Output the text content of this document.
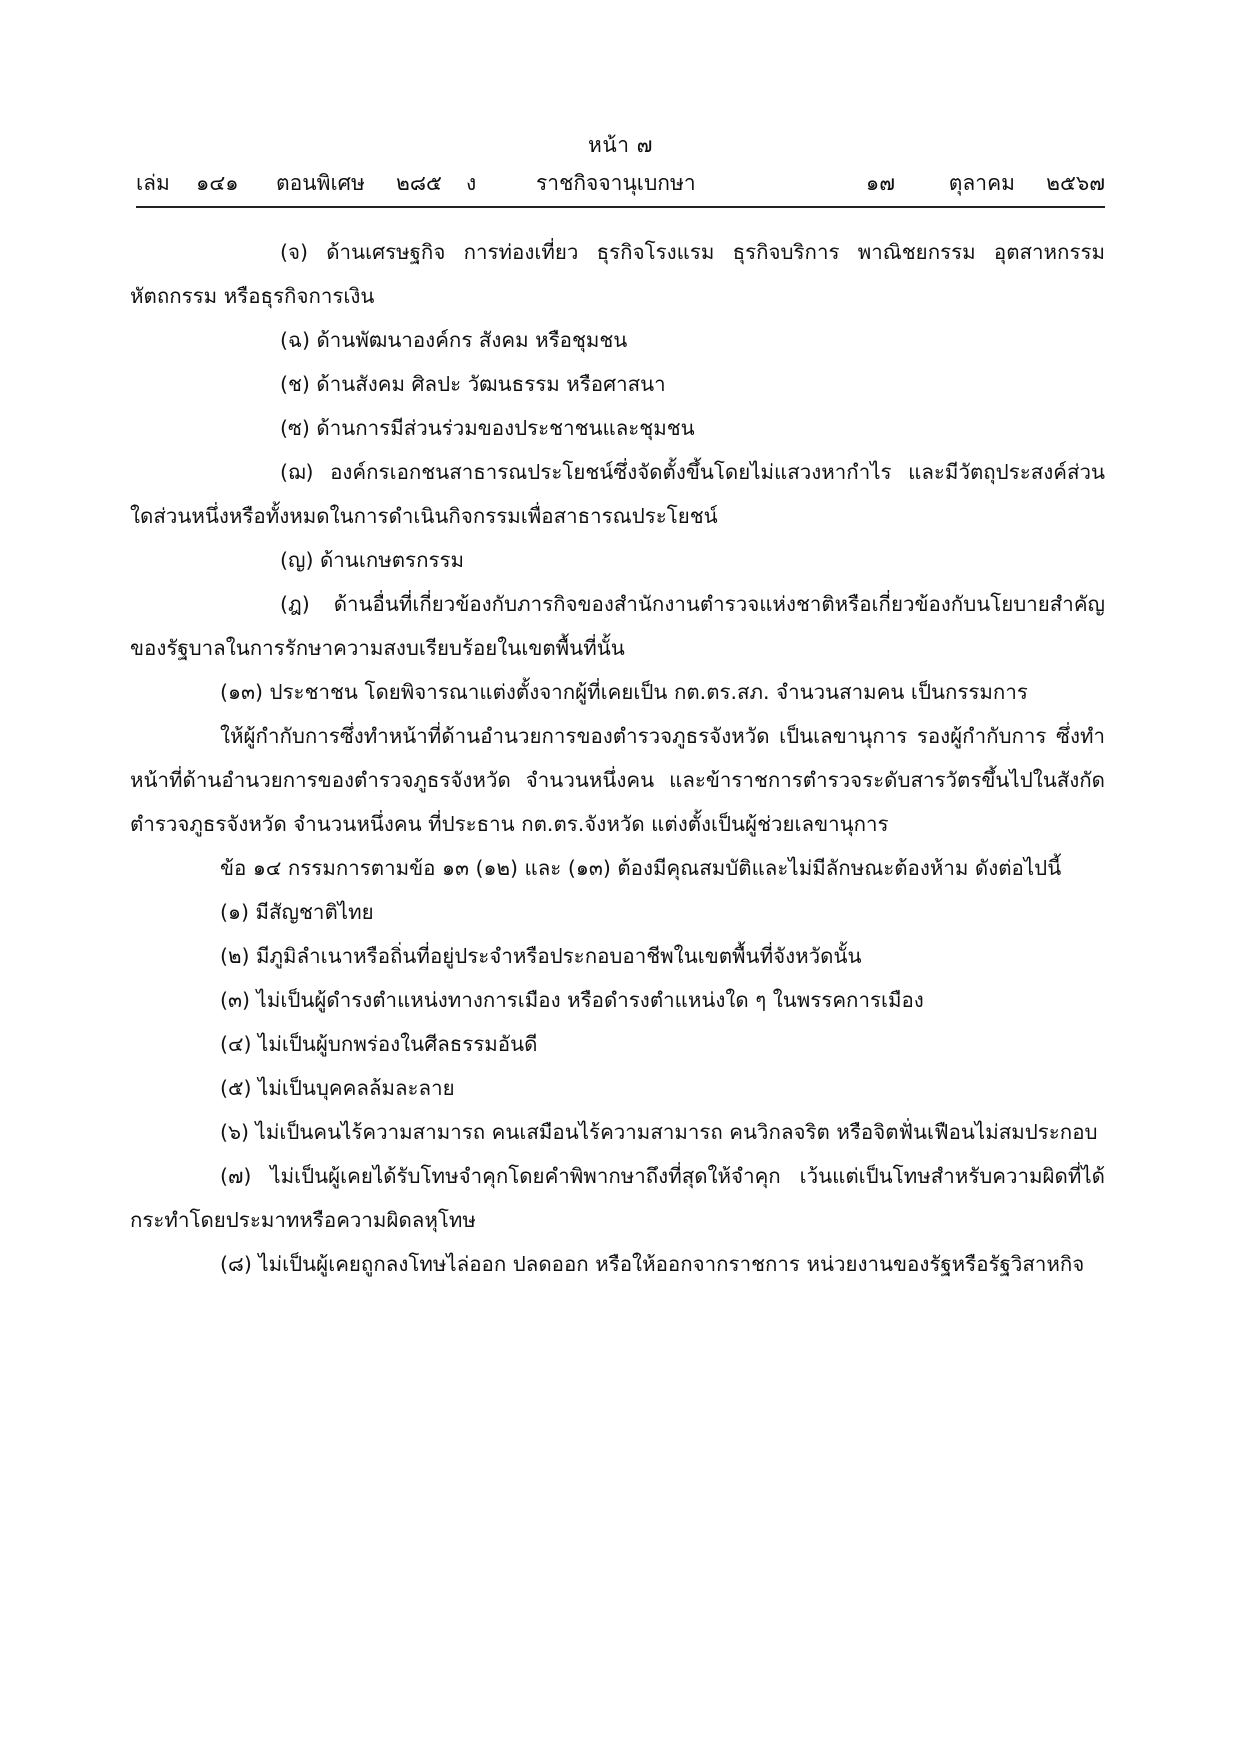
หน้า ๗
เล่ม ๑๔๑ ตอนพิเศษ ๒๘๕ ง	ราชกิจจานุเบกษา	๑๗	ตุลาคม ๒๕๖๗

(จ) ด้านเศรษฐกิจ การท่องเที่ยว ธุรกิจโรงแรม ธุรกิจบริการ พาณิชยกรรม อุตสาหกรรม หัตถกรรม หรือธุรกิจการเงิน

(ฉ) ด้านพัฒนาองค์กร สังคม หรือชุมชน

(ช) ด้านสังคม ศิลปะ วัฒนธรรม หรือศาสนา

(ซ) ด้านการมีส่วนร่วมของประชาชนและชุมชน

(ฌ) องค์กรเอกชนสาธารณประโยชน์ซึ่งจัดตั้งขึ้นโดยไม่แสวงหากำไร และมีวัตถุประสงค์ส่วนใดส่วนหนึ่งหรือทั้งหมดในการดำเนินกิจกรรมเพื่อสาธารณประโยชน์

(ญ) ด้านเกษตรกรรม

(ฎ) ด้านอื่นที่เกี่ยวข้องกับภารกิจของสำนักงานตำรวจแห่งชาติหรือเกี่ยวข้องกับนโยบายสำคัญของรัฐบาลในการรักษาความสงบเรียบร้อยในเขตพื้นที่นั้น

(๑๓) ประชาชน โดยพิจารณาแต่งตั้งจากผู้ที่เคยเป็น กต.ตร.สภ. จำนวนสามคน เป็นกรรมการ

ให้ผู้กำกับการซึ่งทำหน้าที่ด้านอำนวยการของตำรวจภูธรจังหวัด เป็นเลขานุการ รองผู้กำกับการ ซึ่งทำหน้าที่ด้านอำนวยการของตำรวจภูธรจังหวัด จำนวนหนึ่งคน และข้าราชการตำรวจระดับสารวัตรขึ้นไปในสังกัดตำรวจภูธรจังหวัด จำนวนหนึ่งคน ที่ประธาน กต.ตร.จังหวัด แต่งตั้งเป็นผู้ช่วยเลขานุการ

ข้อ ๑๔ กรรมการตามข้อ ๑๓ (๑๒) และ (๑๓) ต้องมีคุณสมบัติและไม่มีลักษณะต้องห้าม ดังต่อไปนี้

(๑) มีสัญชาติไทย

(๒) มีภูมิลำเนาหรือถิ่นที่อยู่ประจำหรือประกอบอาชีพในเขตพื้นที่จังหวัดนั้น

(๓) ไม่เป็นผู้ดำรงตำแหน่งทางการเมือง หรือดำรงตำแหน่งใด ๆ ในพรรคการเมือง

(๔) ไม่เป็นผู้บกพร่องในศีลธรรมอันดี

(๕) ไม่เป็นบุคคลล้มละลาย

(๖) ไม่เป็นคนไร้ความสามารถ คนเสมือนไร้ความสามารถ คนวิกลจริต หรือจิตฟั่นเฟือนไม่สมประกอบ

(๗) ไม่เป็นผู้เคยได้รับโทษจำคุกโดยคำพิพากษาถึงที่สุดให้จำคุก เว้นแต่เป็นโทษสำหรับความผิดที่ได้กระทำโดยประมาทหรือความผิดลหุโทษ

(๘) ไม่เป็นผู้เคยถูกลงโทษไล่ออก ปลดออก หรือให้ออกจากราชการ หน่วยงานของรัฐหรือรัฐวิสาหกิจ
